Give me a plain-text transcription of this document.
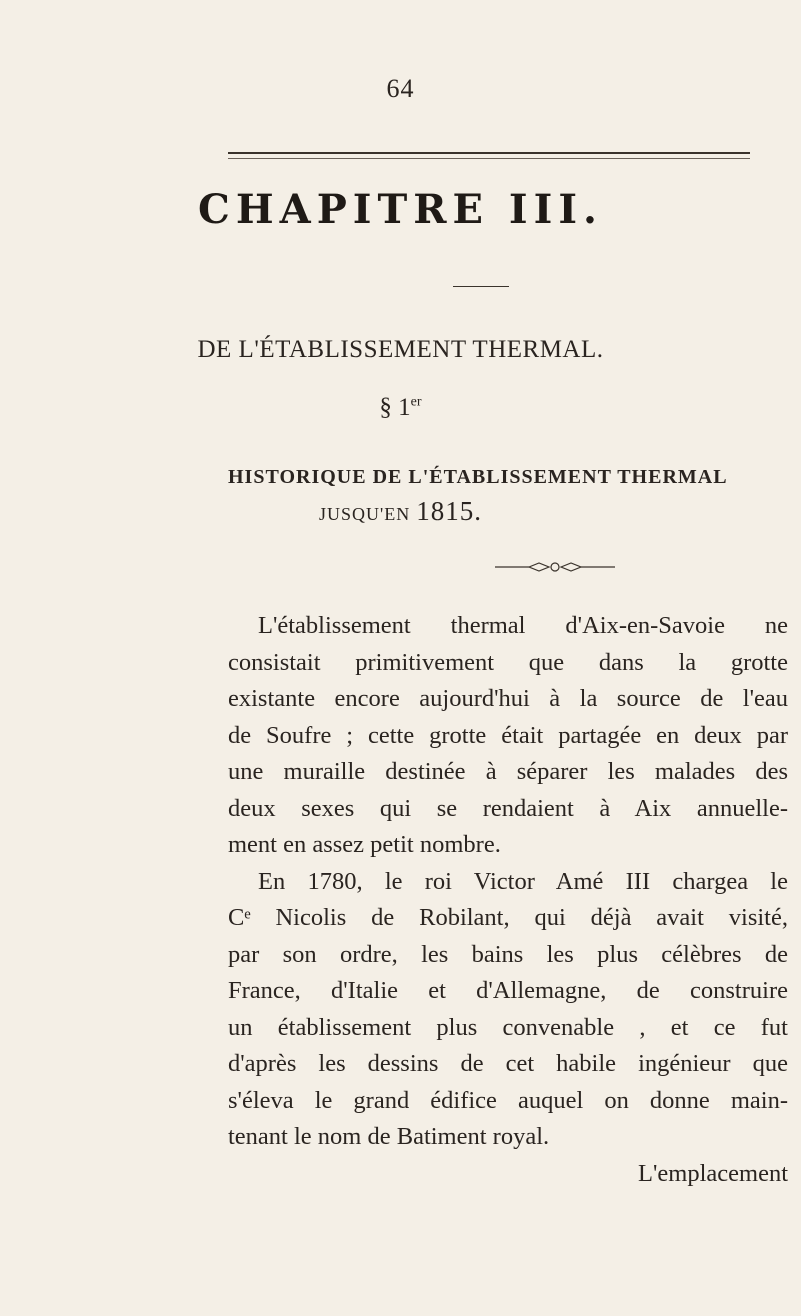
64
CHAPITRE III.
DE L'ÉTABLISSEMENT THERMAL.
§ 1er
HISTORIQUE DE L'ÉTABLISSEMENT THERMAL
JUSQU'EN 1815.
L'établissement thermal d'Aix-en-Savoie ne
consistait primitivement que dans la grotte
existante encore aujourd'hui à la source de l'eau
de Soufre ; cette grotte était partagée en deux par
une muraille destinée à séparer les malades des
deux sexes qui se rendaient à Aix annuelle-
ment en assez petit nombre.
En 1780, le roi Victor Amé III chargea le
Cᵉ Nicolis de Robilant, qui déjà avait visité,
par son ordre, les bains les plus célèbres de
France, d'Italie et d'Allemagne, de construire
un établissement plus convenable , et ce fut
d'après les dessins de cet habile ingénieur que
s'éleva le grand édifice auquel on donne main-
tenant le nom de Batiment royal.
L'emplacement
